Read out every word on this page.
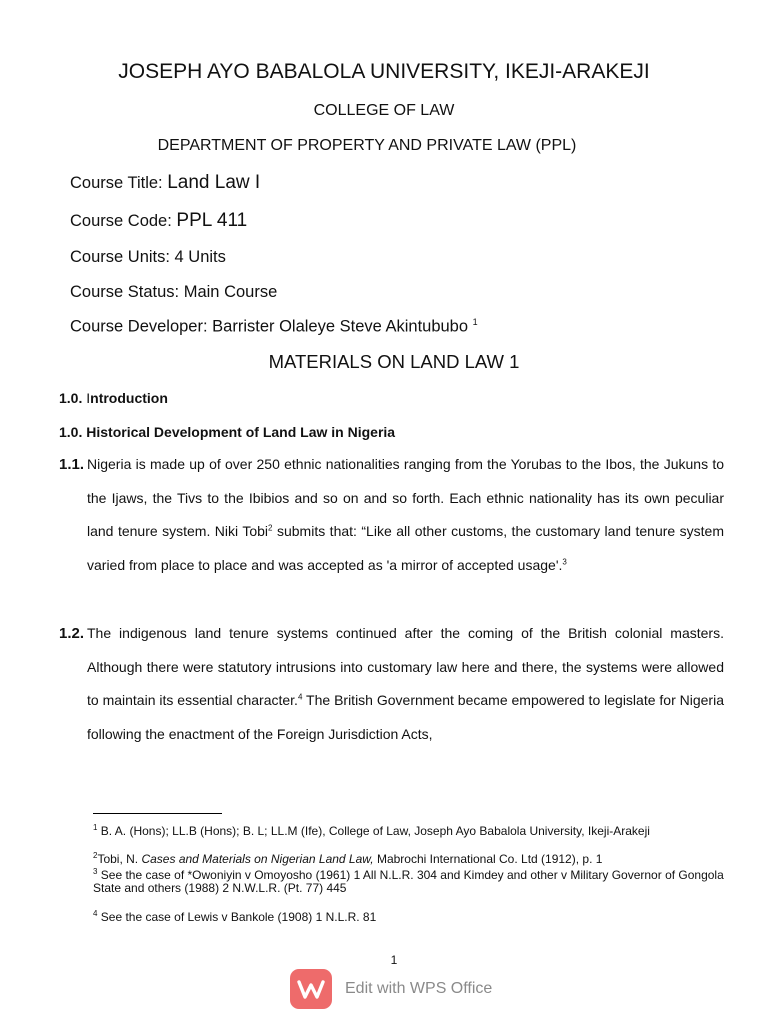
JOSEPH AYO BABALOLA UNIVERSITY, IKEJI-ARAKEJI
COLLEGE OF LAW
DEPARTMENT OF PROPERTY AND PRIVATE LAW (PPL)
Course Title: Land Law I
Course Code: PPL 411
Course Units: 4 Units
Course Status: Main Course
Course Developer: Barrister Olaleye Steve Akintububo $^1$
MATERIALS ON LAND LAW 1
1.0. Introduction
1.0. Historical Development of Land Law in Nigeria
1.1. Nigeria is made up of over 250 ethnic nationalities ranging from the Yorubas to the Ibos, the Jukuns to the Ijaws, the Tivs to the Ibibios and so on and so forth. Each ethnic nationality has its own peculiar land tenure system. Niki Tobi$^2$ submits that: “Like all other customs, the customary land tenure system varied from place to place and was accepted as 'a mirror of accepted usage'.$^3$
1.2. The indigenous land tenure systems continued after the coming of the British colonial masters. Although there were statutory intrusions into customary law here and there, the systems were allowed to maintain its essential character.$^4$ The British Government became empowered to legislate for Nigeria following the enactment of the Foreign Jurisdiction Acts,
$^1$ B. A. (Hons); LL.B (Hons); B. L; LL.M (Ife), College of Law, Joseph Ayo Babalola University, Ikeji-Arakeji
$^2$Tobi, N. Cases and Materials on Nigerian Land Law, Mabrochi International Co. Ltd (1912), p. 1
$^3$ See the case of *Owoniyin v Omoyosho (1961) 1 All N.L.R. 304 and Kimdey and other v Military Governor of Gongola State and others (1988) 2 N.W.L.R. (Pt. 77) 445
$^4$ See the case of Lewis v Bankole (1908) 1 N.L.R. 81
1
Edit with WPS Office
